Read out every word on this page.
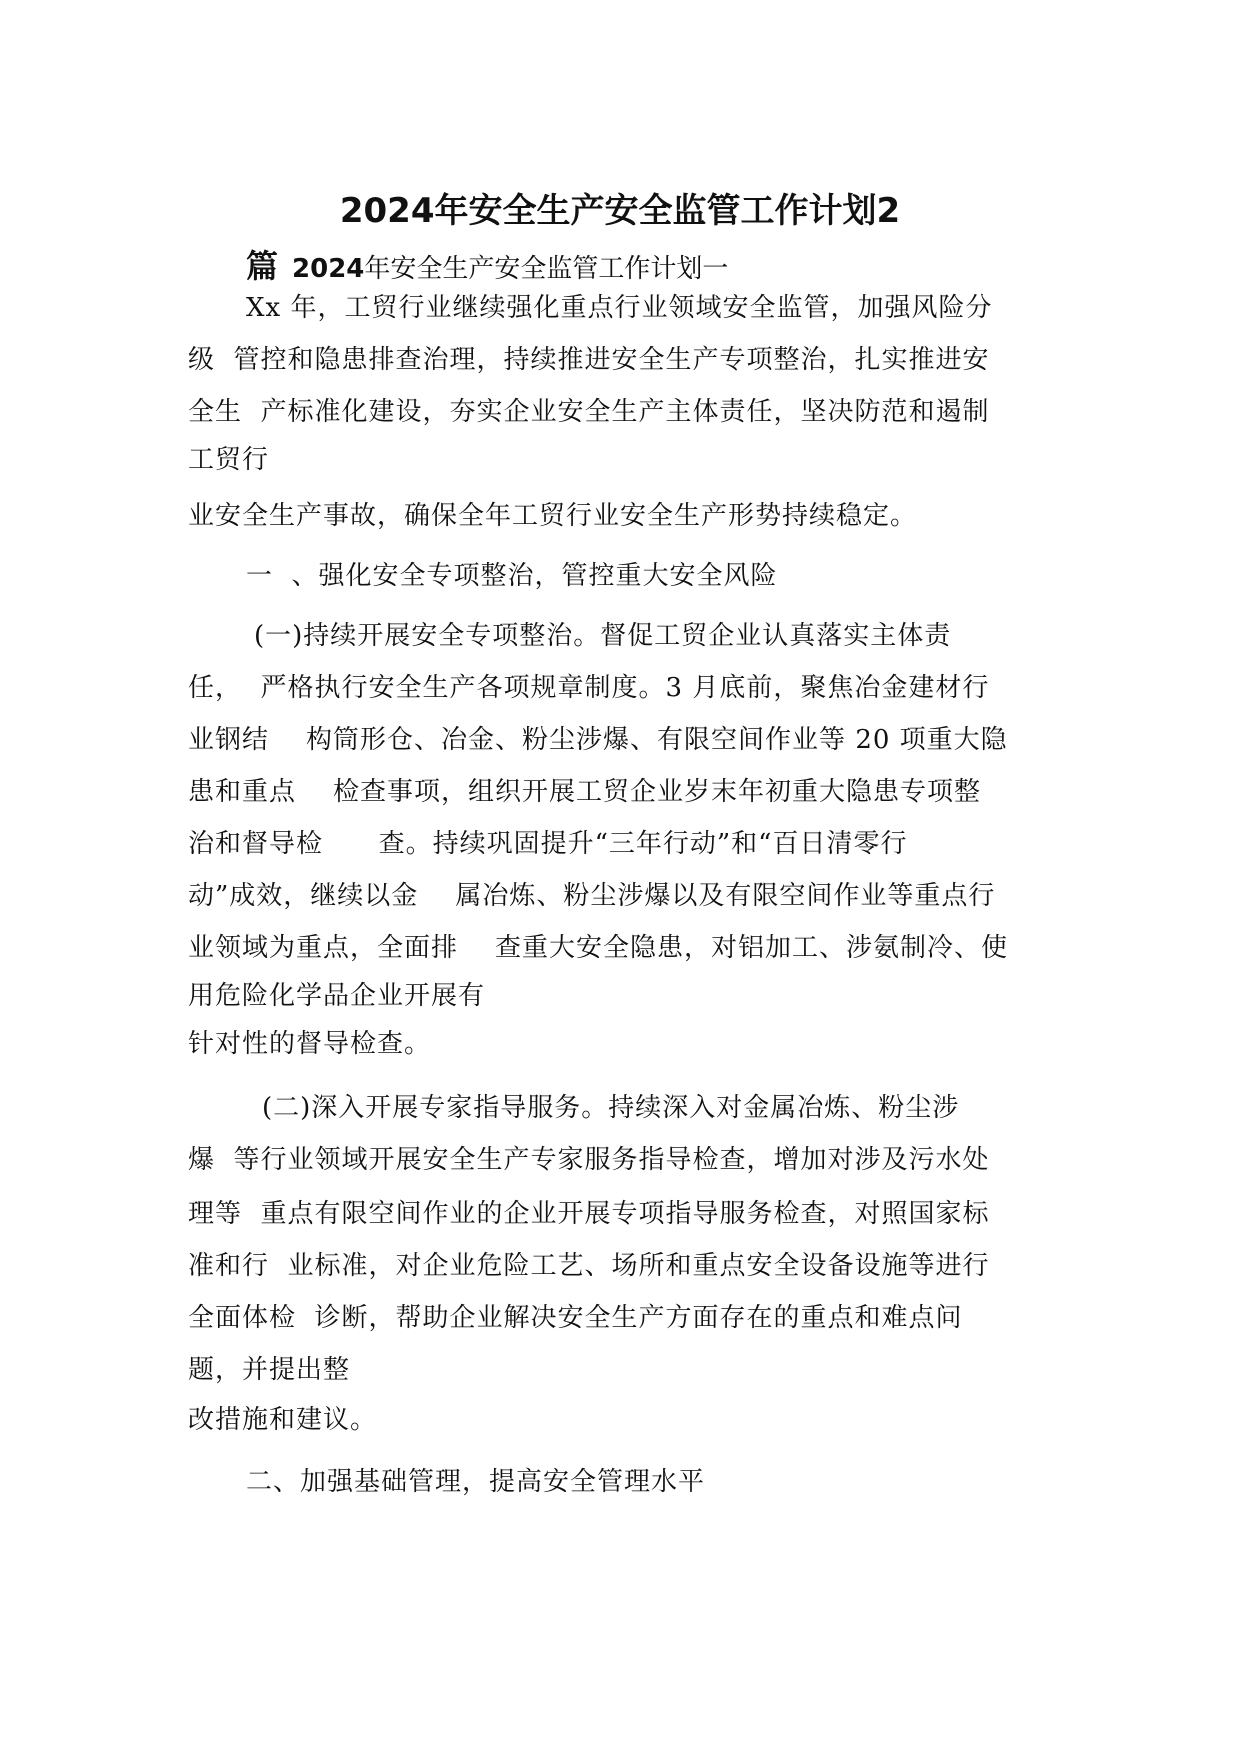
2024年安全生产安全监管工作计划2
篇 2024年安全生产安全监管工作计划一
Xx 年，工贸行业继续强化重点行业领域安全监管，加强风险分
级  管控和隐患排查治理，持续推进安全生产专项整治，扎实推进安
全生  产标准化建设，夯实企业安全生产主体责任，坚决防范和遏制
工贸行
业安全生产事故，确保全年工贸行业安全生产形势持续稳定。
一  、强化安全专项整治，管控重大安全风险
(一)持续开展安全专项整治。督促工贸企业认真落实主体责
任，  严格执行安全生产各项规章制度。3 月底前，聚焦冶金建材行
业钢结    构筒形仓、冶金、粉尘涉爆、有限空间作业等 20 项重大隐
患和重点    检查事项，组织开展工贸企业岁末年初重大隐患专项整
治和督导检      查。持续巩固提升“三年行动”和“百日清零行
动”成效，继续以金    属冶炼、粉尘涉爆以及有限空间作业等重点行
业领域为重点，全面排    查重大安全隐患，对铝加工、涉氨制冷、使
用危险化学品企业开展有
针对性的督导检查。
(二)深入开展专家指导服务。持续深入对金属冶炼、粉尘涉
爆  等行业领域开展安全生产专家服务指导检查，增加对涉及污水处
理等  重点有限空间作业的企业开展专项指导服务检查，对照国家标
准和行  业标准，对企业危险工艺、场所和重点安全设备设施等进行
全面体检  诊断，帮助企业解决安全生产方面存在的重点和难点问
题，并提出整
改措施和建议。
二、加强基础管理，提高安全管理水平
